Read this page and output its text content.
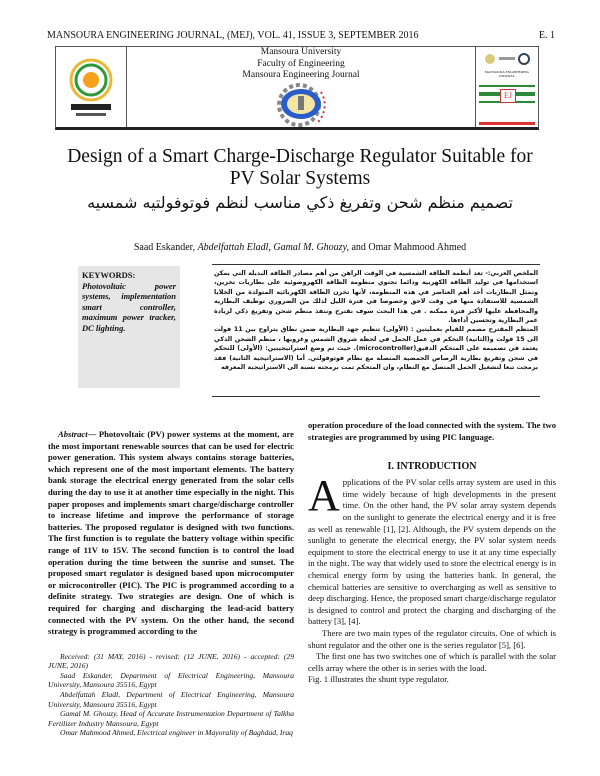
MANSOURA ENGINEERING JOURNAL, (MEJ), VOL. 41, ISSUE 3, SEPTEMBER 2016	E. 1
Mansoura University
Faculty of Engineering
Mansoura Engineering Journal	MANSOURA ENGINEERING JOURNAL
EJ
Design of a Smart Charge-Discharge Regulator Suitable for PV Solar Systems
تصميم منظم شحن وتفريغ ذكي مناسب لنظم فوتوفولتيه شمسيه
Saad Eskander, Abdelfattah Eladl, Gamal M. Ghouzy, and Omar Mahmood Ahmed
KEYWORDS:
Photovoltaic power systems, implementation smart controller, maximum power tracker, DC lighting.
الملخص العربي:- تعد أنظمة الطاقة الشمسية في الوقت الراهن من أهم مصادر الطاقة البديلة التي يمكن استخدامها في توليد الطاقة الكهربية ودائما تحتوي منظومة الطاقة الكهروضوئية على بطاريات تخزين، وتمثل البطاريات أحد أهم العناصر في هذه المنظومة، لأنها تخزن الطاقة الكهربائية المتولدة من الخلايا الشمسية للاستفادة منها في وقت لاحق وخصوصا في فترة الليل لذلك من الضروري توظيف البطارية والمحافظة عليها لأكبر فترة ممكنه . في هذا البحث سوف نقترح وننفذ منظم شحن وتفريغ ذكي لزيادة عمر البطارية وتحسين أداءها.
المنظم المقترح مصمم للقيام بعمليتين : (الأولى) تنظيم جهد البطارية ضمن نطاق يتراوح بين 11 فولت الى 15 فولت و(الثانية) التحكم في عمل الحمل في لحظة شروق الشمس وغروبها ، منظم الشحن الذكي يعتمد في تصميمه على المتحكم الدقيق(microcontroller). حيث تم وضع استراتيجيتين: (الأولى) للتحكم في شحن وتفريغ بطارية الرصاص الحمضية المتصلة مع نظام فوتوفولتي. أما (الاستراتيجية الثانية) فقد برمجت تبعا لتشغيل الحمل المتصل مع النظام، وان المتحكم تمت برمجته نسبة الى الاستراتيجية المعرفه
Abstract— Photovoltaic (PV) power systems at the moment, are the most important renewable sources that can be used for electric power generation. This system always contains storage batteries, which represent one of the most important elements. The battery bank storage the electrical energy generated from the solar cells during the day to use it at another time especially in the night. This paper proposes and implements smart charge/discharge controller to increase lifetime and improve the performance of storage batteries. The proposed regulator is designed with two functions. The first function is to regulate the battery voltage within specific range of 11V to 15V. The second function is to control the load operation during the time between the sunrise and sunset. The proposed smart regulator is designed based upon microcomputer or microcontroller (PIC). The PIC is programmed according to a definite strategy. Two strategies are design. One of which is required for charging and discharging the lead-acid battery connected with the PV system. On the other hand, the second strategy is programmed according to the

Received: (31 MAY, 2016) - revised: (12 JUNE, 2016) - accepted: (29 JUNE, 2016)

Saad Eskander, Department of Electrical Engineering, Mansoura University, Mansoura 35516, Egypt

Abdelfattah Eladl, Department of Electrical Engineering, Mansoura University, Mansoura 35516, Egypt

Gamal M. Ghouzy, Head of Accurate Instrumentation Department of Talkha Fertilizer Industry Mansoura, Egypt

Omar Mahmood Ahmed, Electrical engineer in Mayorality of Baghdad, Iraq

operation procedure of the load connected with the system. The two strategies are programmed by using PIC language.
I. INTRODUCTION

Applications of the PV solar cells array system are used in this time widely because of high developments in the present time. On the other hand, the PV solar array system depends on the sunlight to generate the electrical energy and it is free as well as renewable [1], [2]. Although, the PV system depends on the sunlight to generate the electrical energy, the PV solar system needs equipment to store the electrical energy to use it at any time especially in the night. The way that widely used to store the electrical energy is in chemical energy form by using the batteries bank. In general, the chemical batteries are sensitive to overcharging as well as sensitive to deep discharging. Hence, the proposed smart charge/discharge regulator is designed to control and protect the charging and discharging of the battery [3], [4].

There are two main types of the regulator circuits. One of which is shunt regulator and the other one is the series regulator [5], [6].

The first one has two switches one of which is parallel with the solar cells array where the other is in series with the load.

Fig. 1 illustrates the shunt type regulator.
